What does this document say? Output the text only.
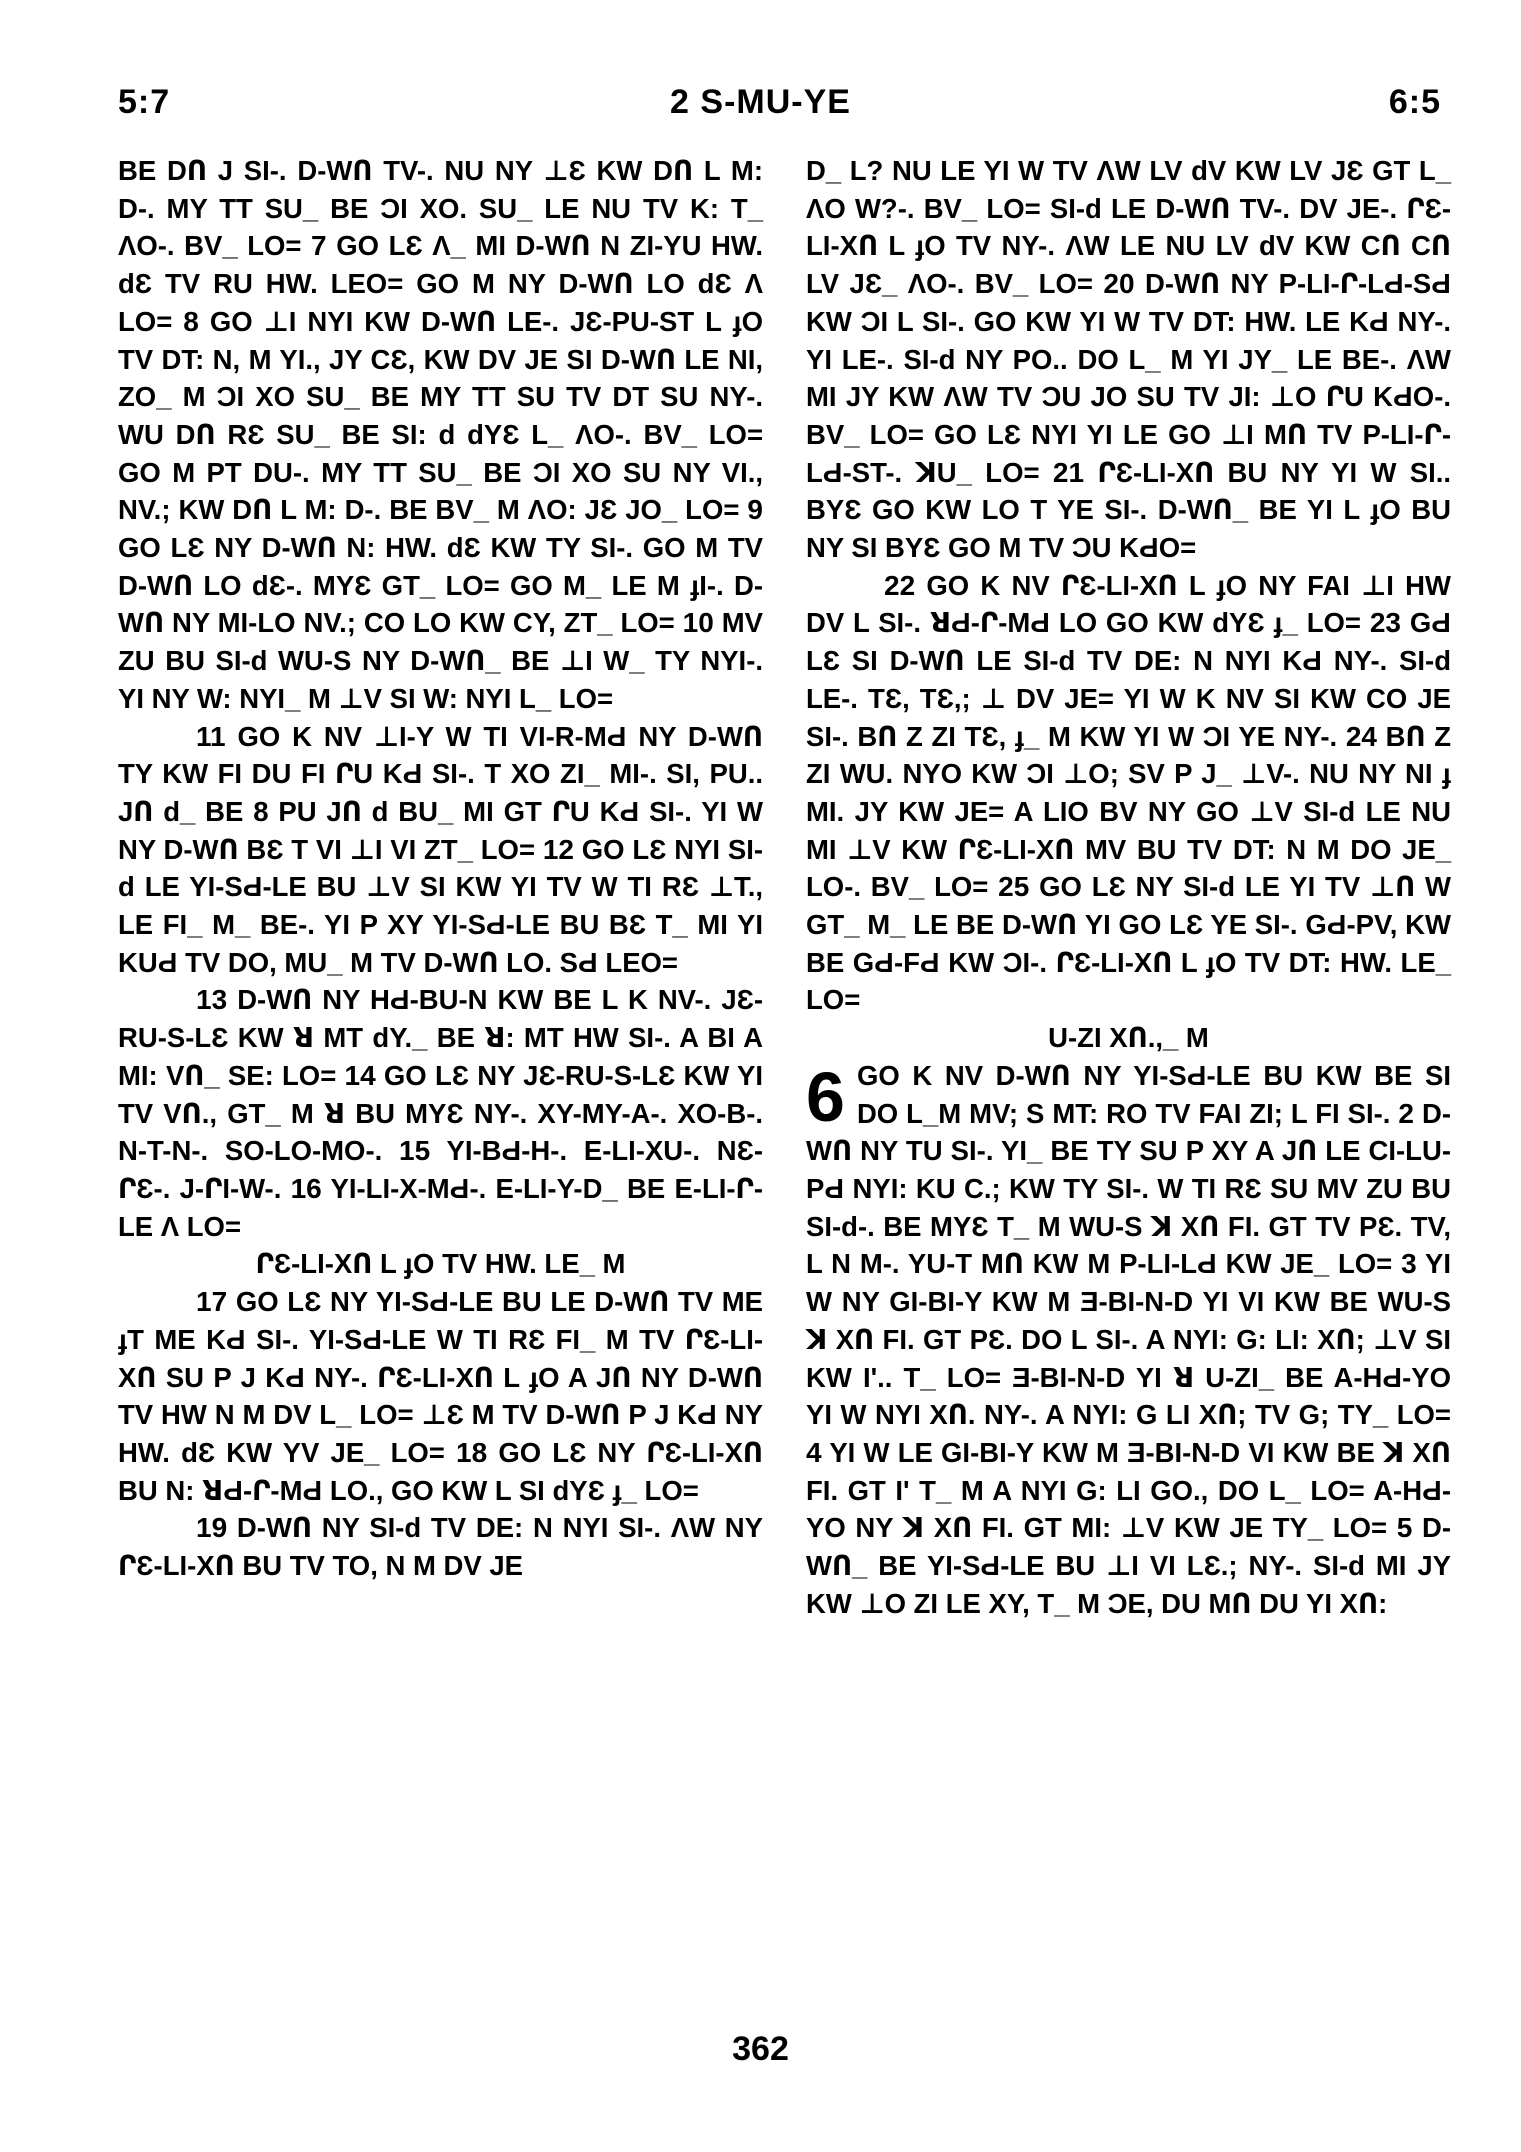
5:7	2 S-MU-YE	6:5

BE DՈ J SI-. D-WՈ TV-. NU NY ⊥Ɛ KW DՈ L M: D-. MY TT SU_ BE ƆI XO. SU_ LE NU TV K: T_ ΛO-. BV_ LO= 7 GO LƐ Λ_ MI D-WՈ N ZI-YU HW. dƐ TV RU HW. LEO= GO M NY D-WՈ LO dƐ Λ LO= 8 GO ⊥I NYI KW D-WՈ LE-. JƐ-PU-ST L ɟO TV DT: N, M YI., JY CƐ, KW DV JE SI D-WՈ LE NI, ZO_ M ƆI XO SU_ BE MY TT SU TV DT SU NY-. WU DՈ RƐ SU_ BE SI: d dYƐ L_ ΛO-. BV_ LO= GO M PT DU-. MY TT SU_ BE ƆI XO SU NY VI., NV.; KW DՈ L M: D-. BE BV_ M ΛO: JƐ JO_ LO= 9 GO LƐ NY D-WՈ N: HW. dƐ KW TY SI-. GO M TV D-WՈ LO dƐ-. MYƐ GT_ LO= GO M_ LE M ɟI-. D-WՈ NY MI-LO NV.; CO LO KW CY, ZT_ LO= 10 MV ZU BU SI-d WU-S NY D-WՈ_ BE ⊥I W_ TY NYI-. YI NY W: NYI_ M ⊥V SI W: NYI L_ LO=

11 GO K NV ⊥I-Y W TI VI-R-MԀ NY D-WՈ TY KW FI DU FI ՐU KԀ SI-. T XO ZI_ MI-. SI, PU.. JՈ d_ BE 8 PU JՈ d BU_ MI GT ՐU KԀ SI-. YI W NY D-WՈ BƐ T VI ⊥I VI ZT_ LO= 12 GO LƐ NYI SI-d LE YI-SԀ-LE BU ⊥V SI KW YI TV W TI RƐ ⊥T., LE FI_ M_ BE-. YI P XY YI-SԀ-LE BU BƐ T_ MI YI KUԀ TV DO, MU_ M TV D-WՈ LO. SԀ LEO=

13 D-WՈ NY HԀ-BU-N KW BE L K NV-. JƐ-RU-S-LƐ KW ꓤ MT dY._ BE ꓤ: MT HW SI-. A BI A MI: VՈ_ SE: LO= 14 GO LƐ NY JƐ-RU-S-LƐ KW YI TV VՈ., GT_ M ꓤ BU MYƐ NY-. XY-MY-A-. XO-B-. N-T-N-. SO-LO-MO-. 15 YI-BԀ-H-. E-LI-XU-. NƐ-ՐƐ-. J-ՐI-W-. 16 YI-LI-X-MԀ-. E-LI-Y-D_ BE E-LI-Ր-LE Λ LO=

ՐƐ-LI-XՈ L ɟO TV HW. LE_ M

17 GO LƐ NY YI-SԀ-LE BU LE D-WՈ TV ME ɟT ME KԀ SI-. YI-SԀ-LE W TI RƐ FI_ M TV ՐƐ-LI-XՈ SU P J KԀ NY-. ՐƐ-LI-XՈ L ɟO A JՈ NY D-WՈ TV HW N M DV L_ LO= ⊥Ɛ M TV D-WՈ P J KԀ NY HW. dƐ KW YV JE_ LO= 18 GO LƐ NY ՐƐ-LI-XՈ BU N: ꓤԀ-Ր-MԀ LO., GO KW L SI dYƐ ɟ_ LO=

19 D-WՈ NY SI-d TV DE: N NYI SI-. ΛW NY ՐƐ-LI-XՈ BU TV TO, N M DV JE

D_ L? NU LE YI W TV ΛW LV dV KW LV JƐ GT L_ ΛO W?-. BV_ LO= SI-d LE D-WՈ TV-. DV JE-. ՐƐ-LI-XՈ L ɟO TV NY-. ΛW LE NU LV dV KW CՈ CՈ LV JƐ_ ΛO-. BV_ LO= 20 D-WՈ NY P-LI-Ր-LԀ-SԀ KW ƆI L SI-. GO KW YI W TV DT: HW. LE KԀ NY-. YI LE-. SI-d NY PO.. DO L_ M YI JY_ LE BE-. ΛW MI JY KW ΛW TV ƆU JO SU TV JI: ⊥O ՐU KԀO-. BV_ LO= GO LƐ NYI YI LE GO ⊥I MՈ TV P-LI-Ր-LԀ-ST-. ꓘU_ LO= 21 ՐƐ-LI-XՈ BU NY YI W SI.. BYƐ GO KW LO T YE SI-. D-WՈ_ BE YI L ɟO BU NY SI BYƐ GO M TV ƆU KԀO=

22 GO K NV ՐƐ-LI-XՈ L ɟO NY FAI ⊥I HW DV L SI-. ꓤԀ-Ր-MԀ LO GO KW dYƐ ɟ_ LO= 23 GԀ LƐ SI D-WՈ LE SI-d TV DE: N NYI KԀ NY-. SI-d LE-. TƐ, TƐ,; ⊥ DV JE= YI W K NV SI KW CO JE SI-. BՈ Z ZI TƐ, ɟ_ M KW YI W ƆI YE NY-. 24 BՈ Z ZI WU. NYO KW ƆI ⊥O; SV P J_ ⊥V-. NU NY NI ɟ MI. JY KW JE= A LIO BV NY GO ⊥V SI-d LE NU MI ⊥V KW ՐƐ-LI-XՈ MV BU TV DT: N M DO JE_ LO-. BV_ LO= 25 GO LƐ NY SI-d LE YI TV ⊥Ո W GT_ M_ LE BE D-WՈ YI GO LƐ YE SI-. GԀ-PV, KW BE GԀ-FԀ KW ƆI-. ՐƐ-LI-XՈ L ɟO TV DT: HW. LE_ LO=

U-ZI XՈ.,_ M

6 GO K NV D-WՈ NY YI-SԀ-LE BU KW BE SI DO L_M MV; S MT: RO TV FAI ZI; L FI SI-. 2 D-WՈ NY TU SI-. YI_ BE TY SU P XY A JՈ LE CI-LU-PԀ NYI: KU C.; KW TY SI-. W TI RƐ SU MV ZU BU SI-d-. BE MYƐ T_ M WU-S ꓘ XՈ FI. GT TV PƐ. TV, L N M-. YU-T MՈ KW M P-LI-LԀ KW JE_ LO= 3 YI W NY GI-BI-Y KW M Ǝ-BI-N-D YI VI KW BE WU-S ꓘ XՈ FI. GT PƐ. DO L SI-. A NYI: G: LI: XՈ; ⊥V SI KW I'.. T_ LO= Ǝ-BI-N-D YI ꓤ U-ZI_ BE A-HԀ-YO YI W NYI XՈ. NY-. A NYI: G LI XՈ; TV G; TY_ LO= 4 YI W LE GI-BI-Y KW M Ǝ-BI-N-D VI KW BE ꓘ XՈ FI. GT I' T_ M A NYI G: LI GO., DO L_ LO= A-HԀ-YO NY ꓘ XՈ FI. GT MI: ⊥V KW JE TY_ LO= 5 D-WՈ_ BE YI-SԀ-LE BU ⊥I VI LƐ.; NY-. SI-d MI JY KW ⊥O ZI LE XY, T_ M ƆE, DU MՈ DU YI XՈ:

362
